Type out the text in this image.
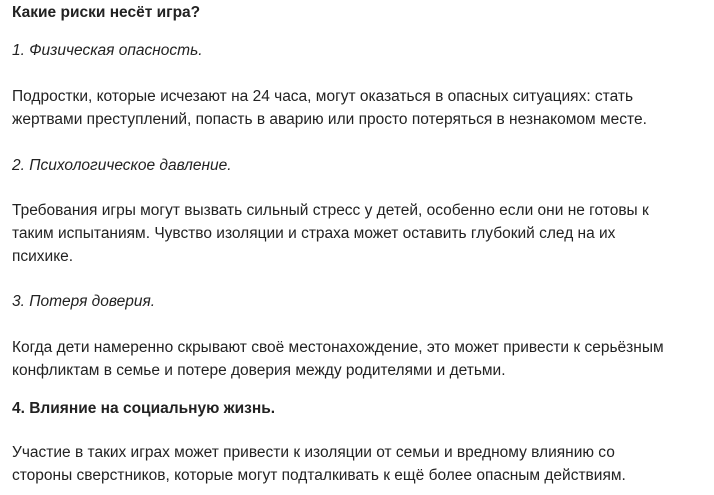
Какие риски несёт игра?
1. Физическая опасность.
Подростки, которые исчезают на 24 часа, могут оказаться в опасных ситуациях: стать
жертвами преступлений, попасть в аварию или просто потеряться в незнакомом месте.
2. Психологическое давление.
Требования игры могут вызвать сильный стресс у детей, особенно если они не готовы к
таким испытаниям. Чувство изоляции и страха может оставить глубокий след на их
психике.
3. Потеря доверия.
Когда дети намеренно скрывают своё местонахождение, это может привести к серьёзным
конфликтам в семье и потере доверия между родителями и детьми.
4. Влияние на социальную жизнь.
Участие в таких играх может привести к изоляции от семьи и вредному влиянию со
стороны сверстников, которые могут подталкивать к ещё более опасным действиям.
